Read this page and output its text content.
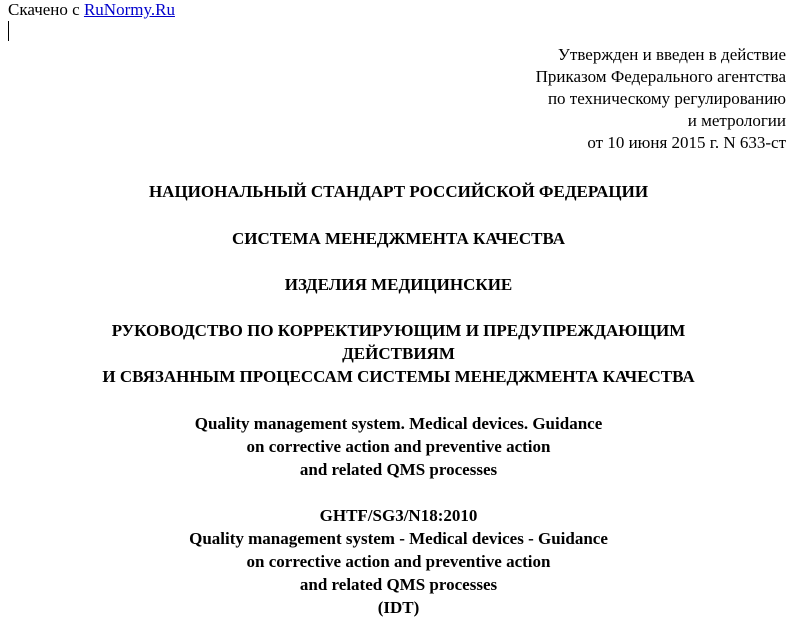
Скачено с RuNormy.Ru
Утвержден и введен в действие
Приказом Федерального агентства
по техническому регулированию
и метрологии
от 10 июня 2015 г. N 633-ст
НАЦИОНАЛЬНЫЙ СТАНДАРТ РОССИЙСКОЙ ФЕДЕРАЦИИ
СИСТЕМА МЕНЕДЖМЕНТА КАЧЕСТВА
ИЗДЕЛИЯ МЕДИЦИНСКИЕ
РУКОВОДСТВО ПО КОРРЕКТИРУЮЩИМ И ПРЕДУПРЕЖДАЮЩИМ
ДЕЙСТВИЯМ
И СВЯЗАННЫМ ПРОЦЕССАМ СИСТЕМЫ МЕНЕДЖМЕНТА КАЧЕСТВА
Quality management system. Medical devices. Guidance
on corrective action and preventive action
and related QMS processes
GHTF/SG3/N18:2010
Quality management system - Medical devices - Guidance
on corrective action and preventive action
and related QMS processes
(IDT)
